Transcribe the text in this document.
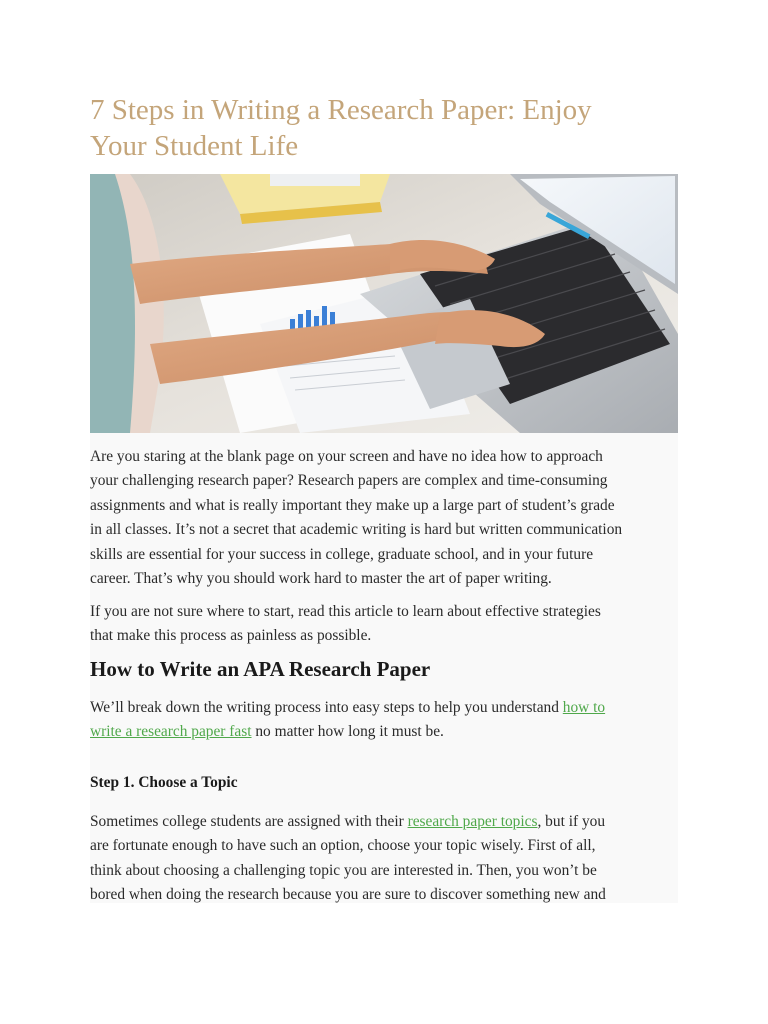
7 Steps in Writing a Research Paper: Enjoy
Your Student Life

Are you staring at the blank page on your screen and have no idea how to approach
your challenging research paper? Research papers are complex and time-consuming
assignments and what is really important they make up a large part of student’s grade
in all classes. It’s not a secret that academic writing is hard but written communication
skills are essential for your success in college, graduate school, and in your future
career. That’s why you should work hard to master the art of paper writing.

If you are not sure where to start, read this article to learn about effective strategies
that make this process as painless as possible.

How to Write an APA Research Paper

We’ll break down the writing process into easy steps to help you understand how to
write a research paper fast no matter how long it must be.

Step 1. Choose a Topic

Sometimes college students are assigned with their research paper topics, but if you
are fortunate enough to have such an option, choose your topic wisely. First of all,
think about choosing a challenging topic you are interested in. Then, you won’t be
bored when doing the research because you are sure to discover something new and
